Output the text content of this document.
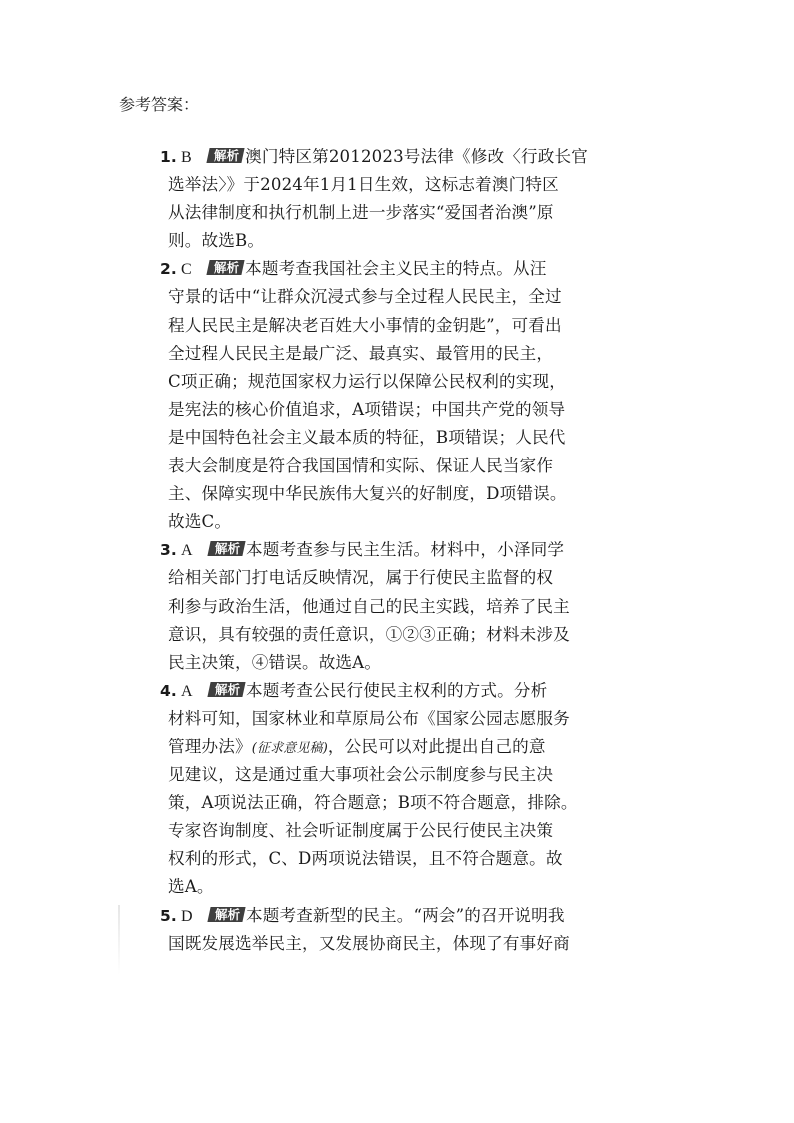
参考答案：
1. B 解析 澳门特区第2012023号法律《修改〈行政长官
选举法〉》于2024年1月1日生效，这标志着澳门特区
从法律制度和执行机制上进一步落实“爱国者治澳”原
则。故选B。
2. C 解析 本题考查我国社会主义民主的特点。从汪
守景的话中“让群众沉浸式参与全过程人民民主，全过
程人民民主是解决老百姓大小事情的金钥匙”，可看出
全过程人民民主是最广泛、最真实、最管用的民主，
C项正确；规范国家权力运行以保障公民权利的实现，
是宪法的核心价值追求，A项错误；中国共产党的领导
是中国特色社会主义最本质的特征，B项错误；人民代
表大会制度是符合我国国情和实际、保证人民当家作
主、保障实现中华民族伟大复兴的好制度，D项错误。
故选C。
3. A 解析 本题考查参与民主生活。材料中，小泽同学
给相关部门打电话反映情况，属于行使民主监督的权
利参与政治生活，他通过自己的民主实践，培养了民主
意识，具有较强的责任意识，①②③正确；材料未涉及
民主决策，④错误。故选A。
4. A 解析 本题考查公民行使民主权利的方式。分析
材料可知，国家林业和草原局公布《国家公园志愿服务
管理办法》(征求意见稿)，公民可以对此提出自己的意
见建议，这是通过重大事项社会公示制度参与民主决
策，A项说法正确，符合题意；B项不符合题意，排除。
专家咨询制度、社会听证制度属于公民行使民主决策
权利的形式，C、D两项说法错误，且不符合题意。故
选A。
5. D 解析 本题考查新型的民主。“两会”的召开说明我
国既发展选举民主，又发展协商民主，体现了有事好商
